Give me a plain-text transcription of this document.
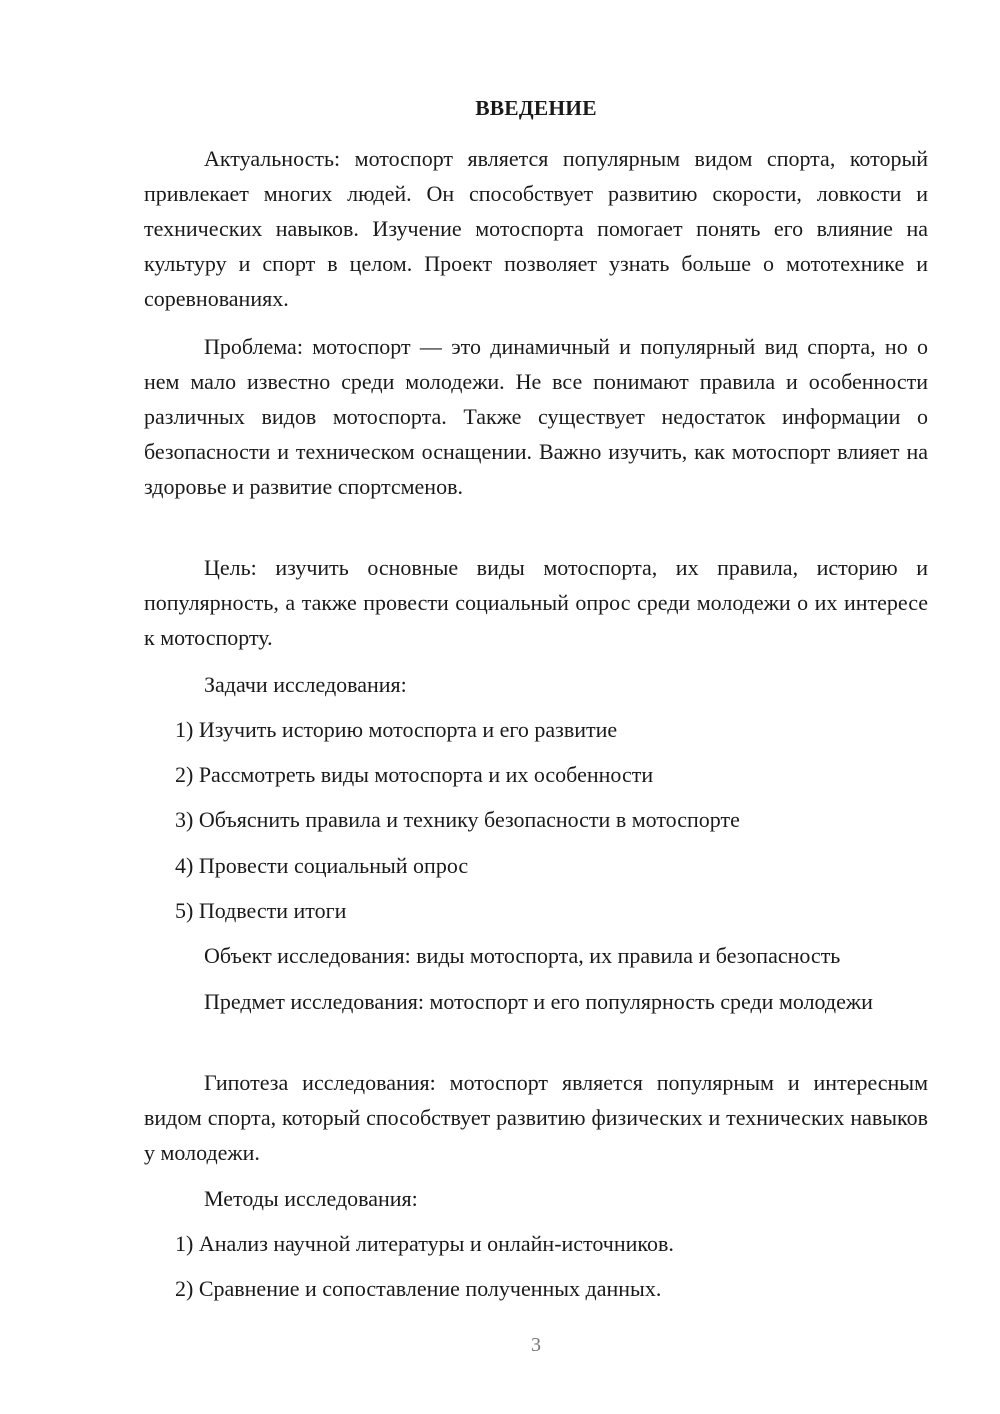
ВВЕДЕНИЕ

Актуальность: мотоспорт является популярным видом спорта, который привлекает многих людей. Он способствует развитию скорости, ловкости и технических навыков. Изучение мотоспорта помогает понять его влияние на культуру и спорт в целом. Проект позволяет узнать больше о мототехнике и соревнованиях.

Проблема: мотоспорт — это динамичный и популярный вид спорта, но о нем мало известно среди молодежи. Не все понимают правила и особенности различных видов мотоспорта. Также существует недостаток информации о безопасности и техническом оснащении. Важно изучить, как мотоспорт влияет на здоровье и развитие спортсменов.

Цель: изучить основные виды мотоспорта, их правила, историю и популярность, а также провести социальный опрос среди молодежи о их интересе к мотоспорту.

Задачи исследования:

1) Изучить историю мотоспорта и его развитие

2) Рассмотреть виды мотоспорта и их особенности

3) Объяснить правила и технику безопасности в мотоспорте

4) Провести социальный опрос

5) Подвести итоги

Объект исследования: виды мотоспорта, их правила и безопасность

Предмет исследования: мотоспорт и его популярность среди молодежи

Гипотеза исследования: мотоспорт является популярным и интересным видом спорта, который способствует развитию физических и технических навыков у молодежи.

Методы исследования:

1) Анализ научной литературы и онлайн-источников.

2) Сравнение и сопоставление полученных данных.

3
